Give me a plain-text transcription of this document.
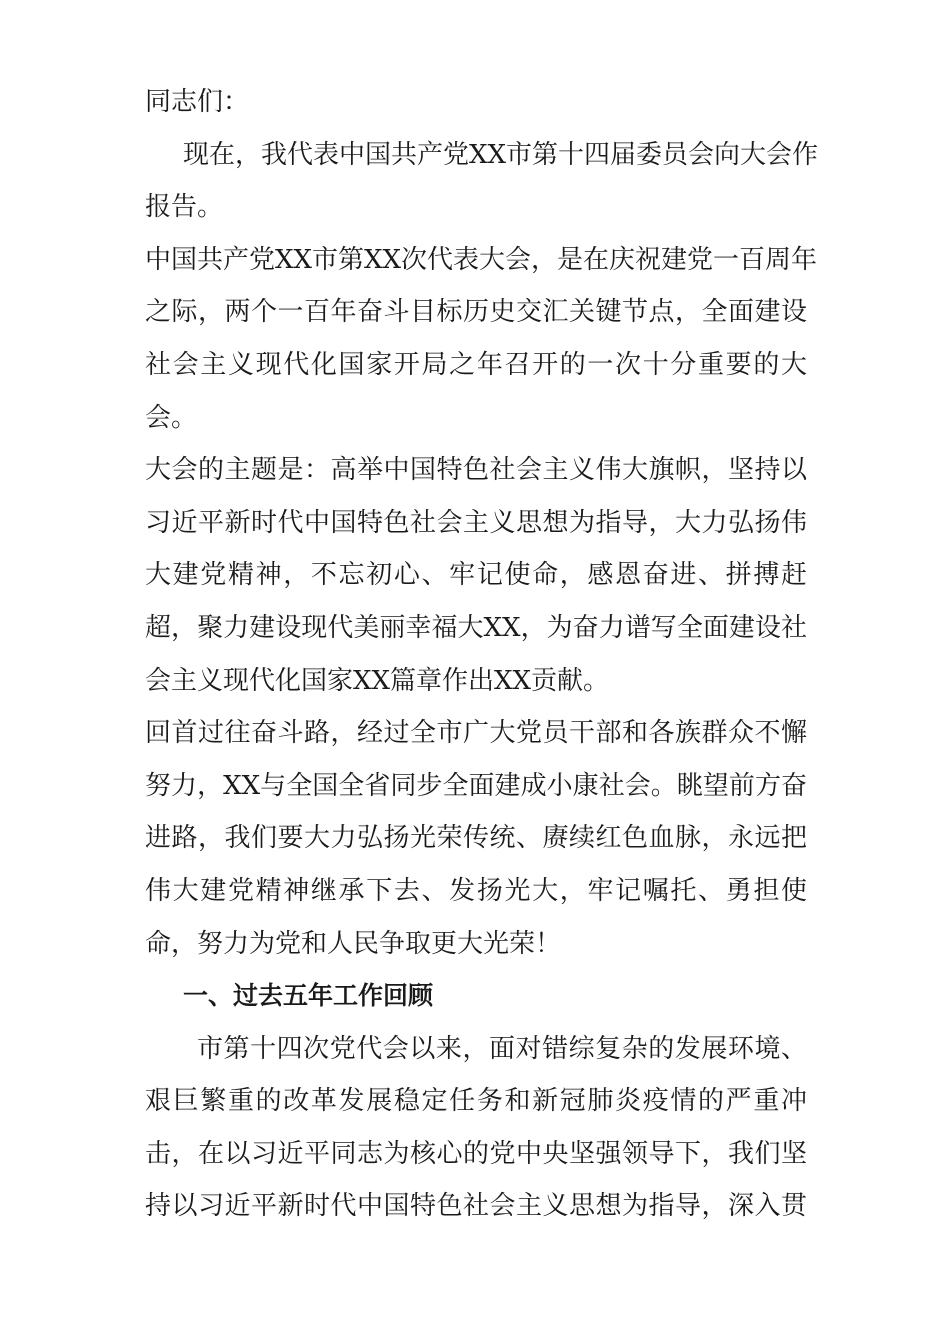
同志们：
现在，我代表中国共产党XX市第十四届委员会向大会作
报告。
中国共产党XX市第XX次代表大会，是在庆祝建党一百周年
之际，两个一百年奋斗目标历史交汇关键节点，全面建设
社会主义现代化国家开局之年召开的一次十分重要的大
会。
大会的主题是：高举中国特色社会主义伟大旗帜，坚持以
习近平新时代中国特色社会主义思想为指导，大力弘扬伟
大建党精神，不忘初心、牢记使命，感恩奋进、拼搏赶
超，聚力建设现代美丽幸福大XX，为奋力谱写全面建设社
会主义现代化国家XX篇章作出XX贡献。
回首过往奋斗路，经过全市广大党员干部和各族群众不懈
努力，XX与全国全省同步全面建成小康社会。眺望前方奋
进路，我们要大力弘扬光荣传统、赓续红色血脉，永远把
伟大建党精神继承下去、发扬光大，牢记嘱托、勇担使
命，努力为党和人民争取更大光荣！
一、过去五年工作回顾
市第十四次党代会以来，面对错综复杂的发展环境、
艰巨繁重的改革发展稳定任务和新冠肺炎疫情的严重冲
击，在以习近平同志为核心的党中央坚强领导下，我们坚
持以习近平新时代中国特色社会主义思想为指导，深入贯
